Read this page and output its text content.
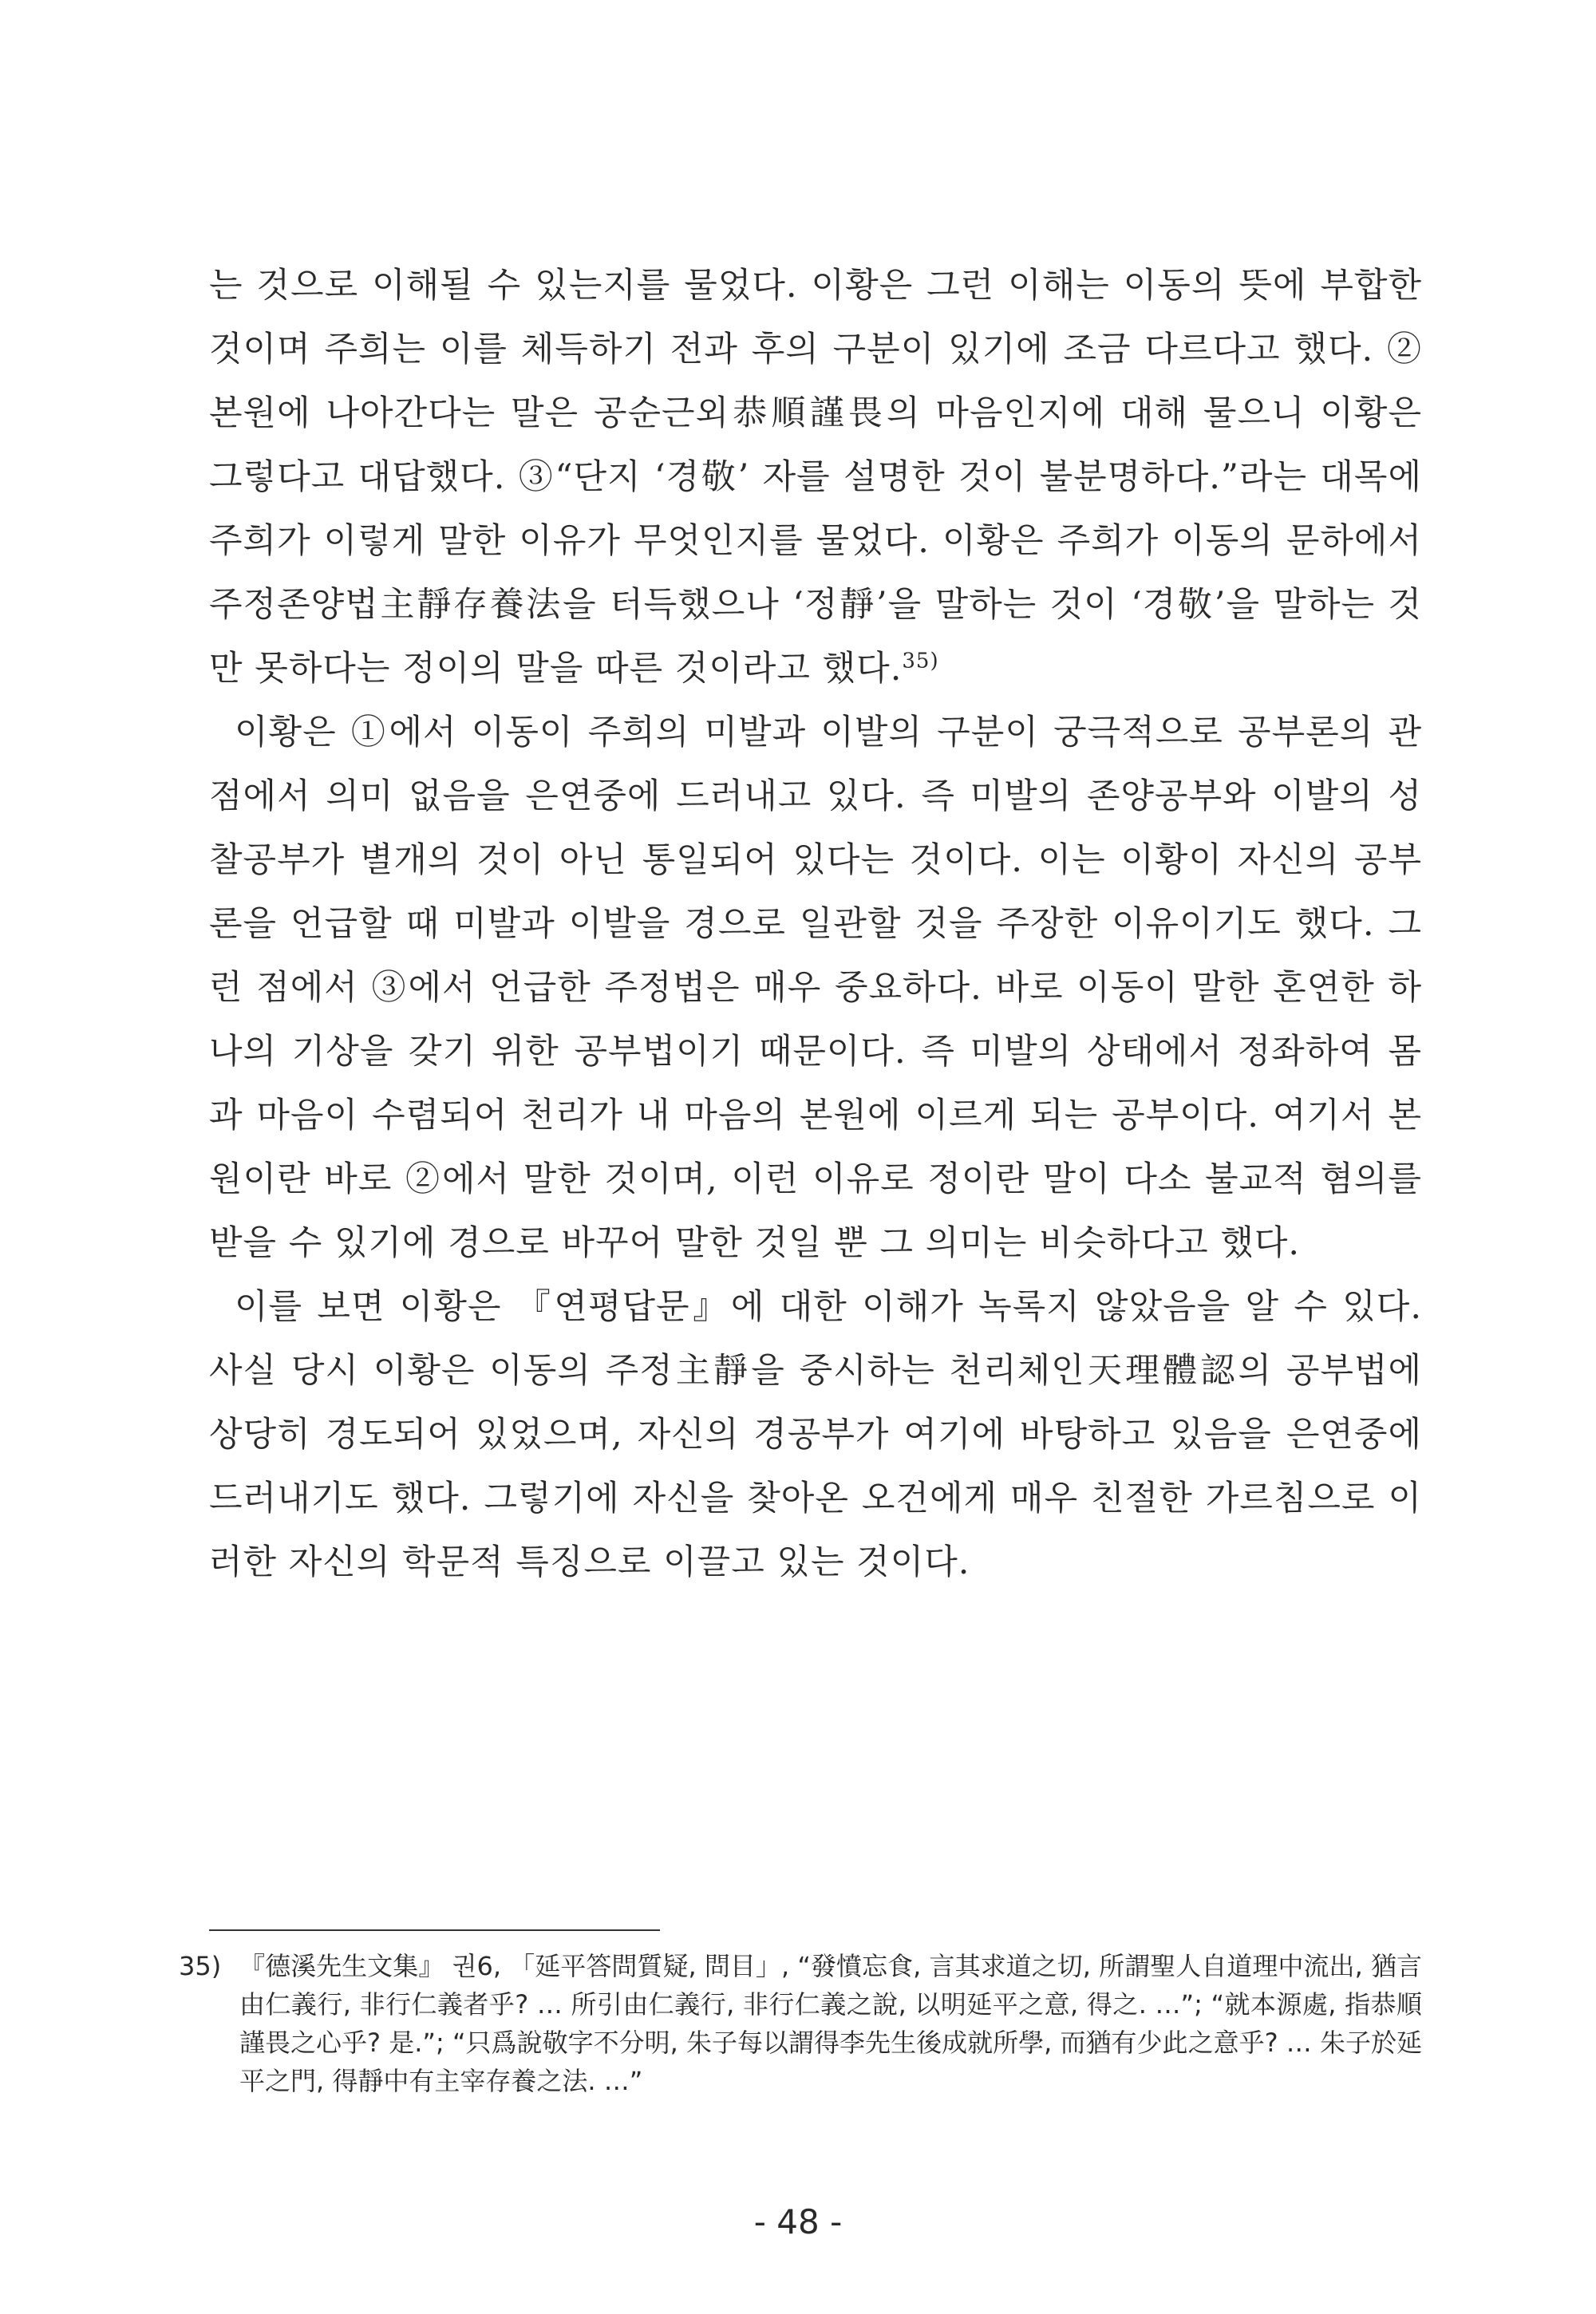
는 것으로 이해될 수 있는지를 물었다. 이황은 그런 이해는 이동의 뜻에 부합한 것이며 주희는 이를 체득하기 전과 후의 구분이 있기에 조금 다르다고 했다. ②본원에 나아간다는 말은 공순근외恭順謹畏의 마음인지에 대해 물으니 이황은 그렇다고 대답했다. ③“단지 ‘경敬’ 자를 설명한 것이 불분명하다.”라는 대목에 주희가 이렇게 말한 이유가 무엇인지를 물었다. 이황은 주희가 이동의 문하에서 주정존양법主靜存養法을 터득했으나 ‘정靜’을 말하는 것이 ‘경敬’을 말하는 것만 못하다는 정이의 말을 따른 것이라고 했다.$^{35)}$

이황은 ①에서 이동이 주희의 미발과 이발의 구분이 궁극적으로 공부론의 관점에서 의미 없음을 은연중에 드러내고 있다. 즉 미발의 존양공부와 이발의 성찰공부가 별개의 것이 아닌 통일되어 있다는 것이다. 이는 이황이 자신의 공부론을 언급할 때 미발과 이발을 경으로 일관할 것을 주장한 이유이기도 했다. 그런 점에서 ③에서 언급한 주정법은 매우 중요하다. 바로 이동이 말한 혼연한 하나의 기상을 갖기 위한 공부법이기 때문이다. 즉 미발의 상태에서 정좌하여 몸과 마음이 수렴되어 천리가 내 마음의 본원에 이르게 되는 공부이다. 여기서 본원이란 바로 ②에서 말한 것이며, 이런 이유로 정이란 말이 다소 불교적 혐의를 받을 수 있기에 경으로 바꾸어 말한 것일 뿐 그 의미는 비슷하다고 했다.

이를 보면 이황은 『연평답문』에 대한 이해가 녹록지 않았음을 알 수 있다. 사실 당시 이황은 이동의 주정主靜을 중시하는 천리체인天理體認의 공부법에 상당히 경도되어 있었으며, 자신의 경공부가 여기에 바탕하고 있음을 은연중에 드러내기도 했다. 그렇기에 자신을 찾아온 오건에게 매우 친절한 가르침으로 이러한 자신의 학문적 특징으로 이끌고 있는 것이다.

35) 『德溪先生文集』 권6, 「延平答問質疑, 問目」, “發憤忘食, 言其求道之切, 所謂聖人自道理中流出, 猶言由仁義行, 非行仁義者乎? … 所引由仁義行, 非行仁義之說, 以明延平之意, 得之. …”; “就本源處, 指恭順謹畏之心乎? 是.”; “只爲說敬字不分明, 朱子每以謂得李先生後成就所學, 而猶有少此之意乎? … 朱子於延平之門, 得靜中有主宰存養之法. …”
- 48 -
